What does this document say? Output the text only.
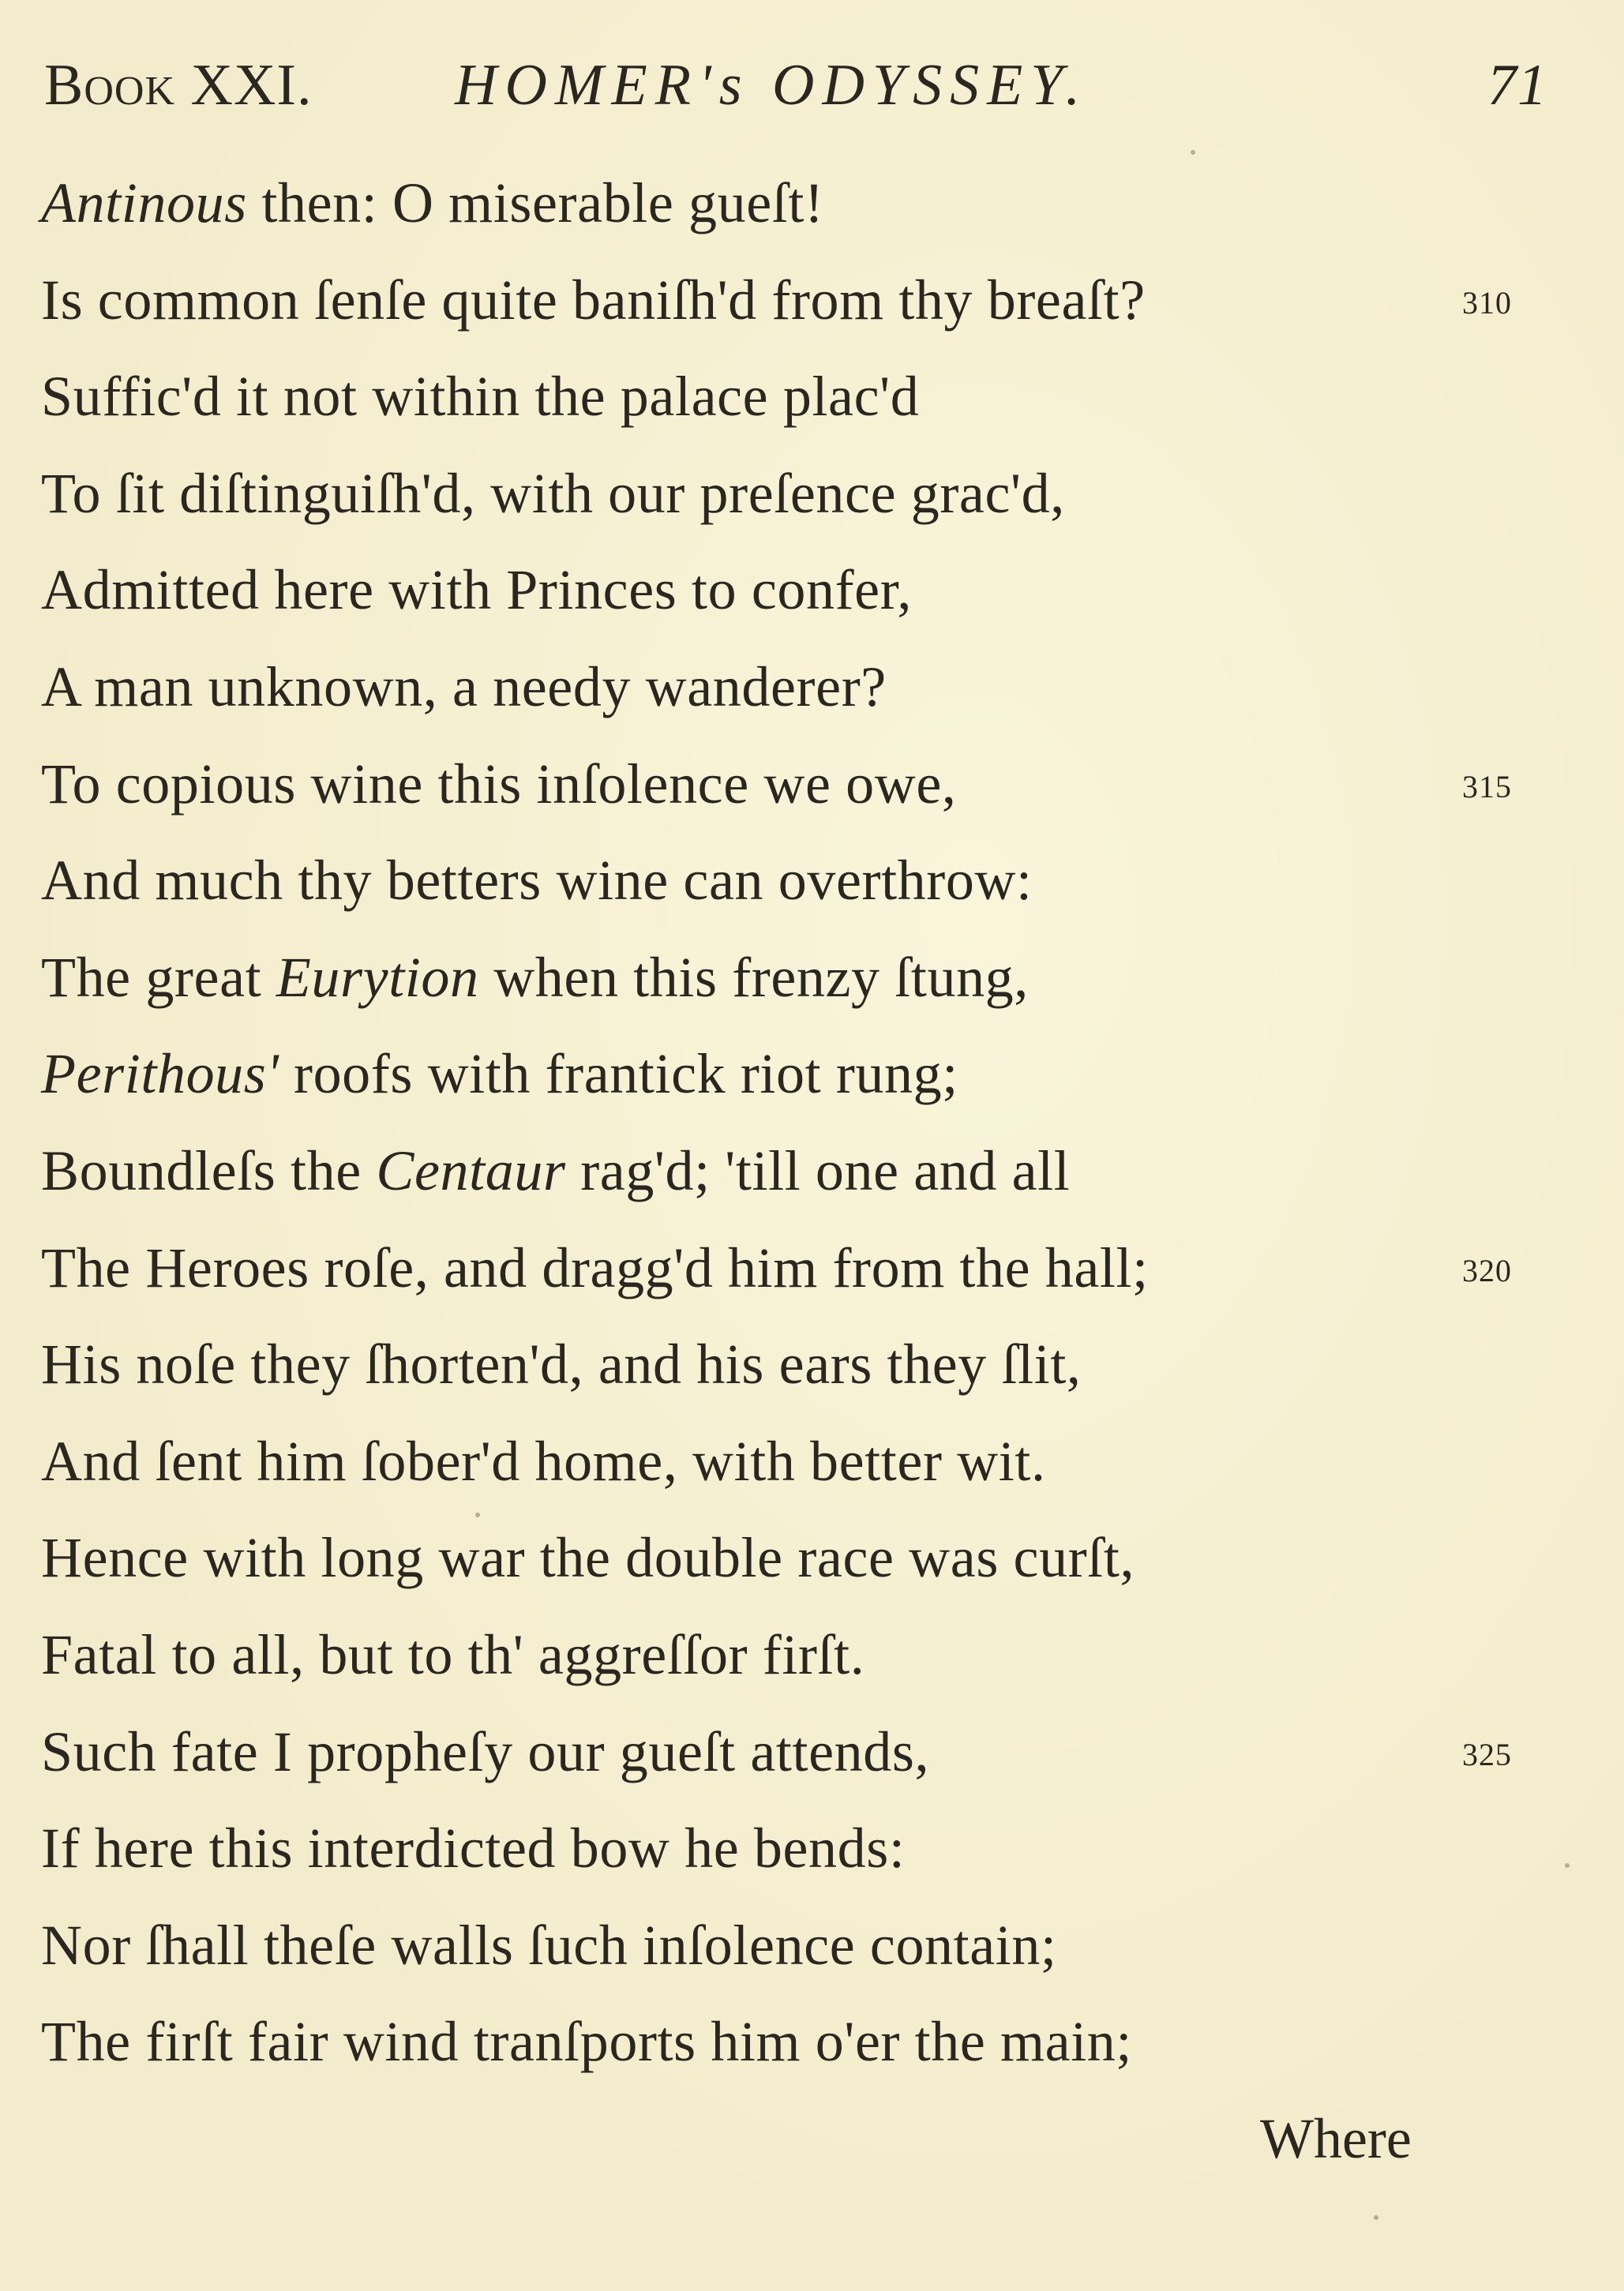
Book XXI. HOMER's ODYSSEY.	71
Antinous then: O miserable gueſt!
Is common ſenſe quite baniſh'd from thy breaſt?	310
Suffic'd it not within the palace plac'd
To ſit diſtinguiſh'd, with our preſence grac'd,
Admitted here with Princes to confer,
A man unknown, a needy wanderer?
To copious wine this inſolence we owe,	315
And much thy betters wine can overthrow:
The great Eurytion when this frenzy ſtung,
Perithous' roofs with frantick riot rung;
Boundleſs the Centaur rag'd; 'till one and all
The Heroes roſe, and dragg'd him from the hall;	320
His noſe they ſhorten'd, and his ears they ſlit,
And ſent him ſober'd home, with better wit.
Hence with long war the double race was curſt,
Fatal to all, but to th' aggreſſor firſt.
Such fate I propheſy our gueſt attends,	325
If here this interdicted bow he bends:
Nor ſhall theſe walls ſuch inſolence contain;
The firſt fair wind tranſports him o'er the main;
Where
